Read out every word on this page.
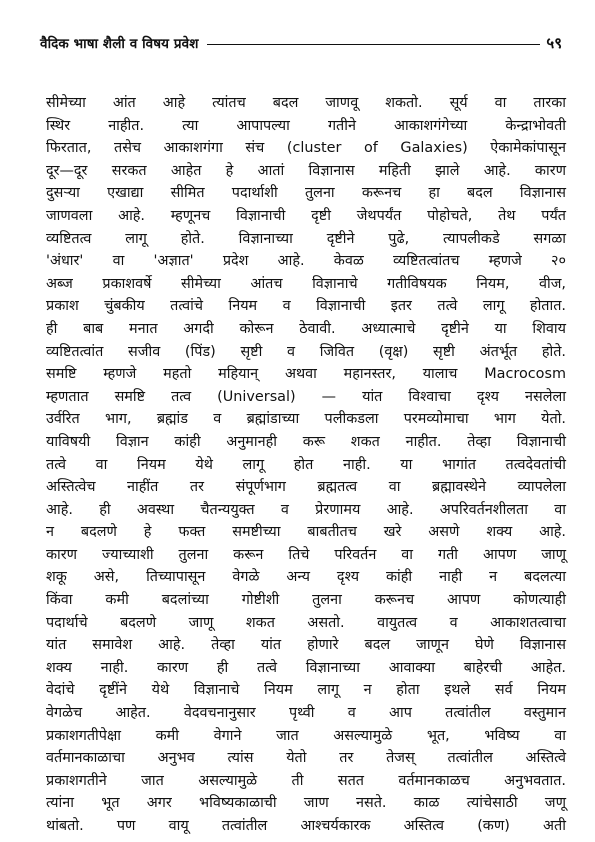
वैदिक भाषा शैली व विषय प्रवेश	५९
सीमेच्या आंत आहे त्यांतच बदल जाणवू शकतो. सूर्य वा तारका
स्थिर नाहीत. त्या आपापल्या गतीने आकाशगंगेच्या केन्द्राभोवती
फिरतात, तसेच आकाशगंगा संच (cluster of Galaxies) ऐकामेकांपासून
दूर—दूर सरकत आहेत हे आतां विज्ञानास महिती झाले आहे. कारण
दुसऱ्या एखाद्या सीमित पदार्थाशी तुलना करूनच हा बदल विज्ञानास
जाणवला आहे. म्हणूनच विज्ञानाची दृष्टी जेथपर्यंत पोहोचते, तेथ पर्यंत
व्यष्टितत्व लागू होते. विज्ञानाच्या दृष्टीने पुढे, त्यापलीकडे सगळा
'अंधार' वा 'अज्ञात' प्रदेश आहे. केवळ व्यष्टितत्वांतच म्हणजे २०
अब्ज प्रकाशवर्षे सीमेच्या आंतच विज्ञानाचे गतीविषयक नियम, वीज,
प्रकाश चुंबकीय तत्वांचे नियम व विज्ञानाची इतर तत्वे लागू होतात.
ही बाब मनात अगदी कोरून ठेवावी. अध्यात्माचे दृष्टीने या शिवाय
व्यष्टितत्वांत सजीव (पिंड) सृष्टी व जिवित (वृक्ष) सृष्टी अंतर्भूत होते.
समष्टि म्हणजे महतो महियान् अथवा महानस्तर, यालाच Macrocosm
म्हणतात समष्टि तत्व (Universal) — यांत विश्वाचा दृश्य नसलेला
उर्वरित भाग, ब्रह्मांड व ब्रह्मांडाच्या पलीकडला परमव्योमाचा भाग येतो.
याविषयी विज्ञान कांही अनुमानही करू शकत नाहीत. तेव्हा विज्ञानाची
तत्वे वा नियम येथे लागू होत नाही. या भागांत तत्वदेवतांची
अस्तित्वेच नाहींत तर संपूर्णभाग ब्रह्मतत्व वा ब्रह्मावस्थेने व्यापलेला
आहे. ही अवस्था चैतन्ययुक्त व प्रेरणामय आहे. अपरिवर्तनशीलता वा
न बदलणे हे फक्त समष्टीच्या बाबतीतच खरे असणे शक्य आहे.
कारण ज्याच्याशी तुलना करून तिचे परिवर्तन वा गती आपण जाणू
शकू असे, तिच्यापासून वेगळे अन्य दृश्य कांही नाही न बदलत्या
किंवा कमी बदलांच्या गोष्टीशी तुलना करूनच आपण कोणत्याही
पदार्थाचे बदलणे जाणू शकत असतो. वायुतत्व व आकाशतत्वाचा
यांत समावेश आहे. तेव्हा यांत होणारे बदल जाणून घेणे विज्ञानास
शक्य नाही. कारण ही तत्वे विज्ञानाच्या आवाक्या बाहेरची आहेत.
वेदांचे दृष्टींने येथे विज्ञानाचे नियम लागू न होता इथले सर्व नियम
वेगळेच आहेत. वेदवचनानुसार पृथ्वी व आप तत्वांतील वस्तुमान
प्रकाशगतीपेक्षा कमी वेगाने जात असल्यामुळे भूत, भविष्य वा
वर्तमानकाळाचा अनुभव त्यांस येतो तर तेजस् तत्वांतील अस्तित्वे
प्रकाशगतीने जात असल्यामुळे ती सतत वर्तमानकाळच अनुभवतात.
त्यांना भूत अगर भविष्यकाळाची जाण नसते. काळ त्यांचेसाठी जणू
थांबतो. पण वायू तत्वांतील आश्चर्यकारक अस्तित्व (कण) अती
